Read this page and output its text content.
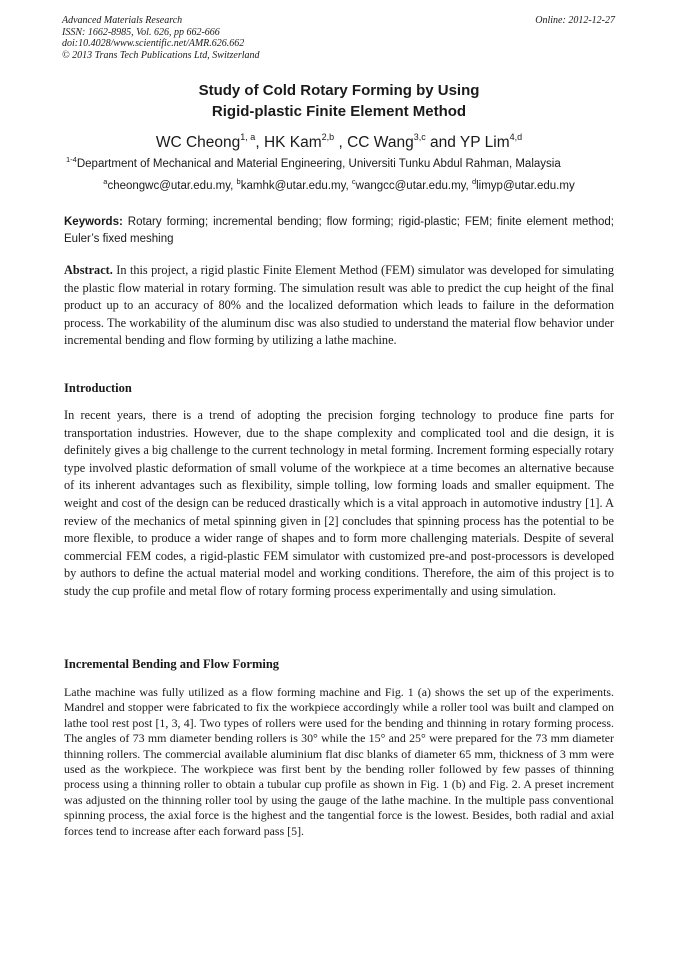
Advanced Materials Research
ISSN: 1662-8985, Vol. 626, pp 662-666
doi:10.4028/www.scientific.net/AMR.626.662
© 2013 Trans Tech Publications Ltd, Switzerland
Online: 2012-12-27
Study of Cold Rotary Forming by Using
Rigid-plastic Finite Element Method
WC Cheong$^{1, a}$, HK Kam$^{2,b}$ , CC Wang$^{3,c}$ and YP Lim$^{4,d}$
$^{1-4}$Department of Mechanical and Material Engineering, Universiti Tunku Abdul Rahman, Malaysia
$^a$cheongwc@utar.edu.my, $^b$kamhk@utar.edu.my, $^c$wangcc@utar.edu.my, $^d$limyp@utar.edu.my
Keywords: Rotary forming; incremental bending; flow forming; rigid-plastic; FEM; finite element method; Euler’s fixed meshing
Abstract. In this project, a rigid plastic Finite Element Method (FEM) simulator was developed for simulating the plastic flow material in rotary forming. The simulation result was able to predict the cup height of the final product up to an accuracy of 80% and the localized deformation which leads to failure in the deformation process. The workability of the aluminum disc was also studied to understand the material flow behavior under incremental bending and flow forming by utilizing a lathe machine.
Introduction
In recent years, there is a trend of adopting the precision forging technology to produce fine parts for transportation industries. However, due to the shape complexity and complicated tool and die design, it is definitely gives a big challenge to the current technology in metal forming. Increment forming especially rotary type involved plastic deformation of small volume of the workpiece at a time becomes an alternative because of its inherent advantages such as flexibility, simple tolling, low forming loads and smaller equipment. The weight and cost of the design can be reduced drastically which is a vital approach in automotive industry [1]. A review of the mechanics of metal spinning given in [2] concludes that spinning process has the potential to be more flexible, to produce a wider range of shapes and to form more challenging materials. Despite of several commercial FEM codes, a rigid-plastic FEM simulator with customized pre-and post-processors is developed by authors to define the actual material model and working conditions. Therefore, the aim of this project is to study the cup profile and metal flow of rotary forming process experimentally and using simulation.
Incremental Bending and Flow Forming
Lathe machine was fully utilized as a flow forming machine and Fig. 1 (a) shows the set up of the experiments. Mandrel and stopper were fabricated to fix the workpiece accordingly while a roller tool was built and clamped on lathe tool rest post [1, 3, 4]. Two types of rollers were used for the bending and thinning in rotary forming process. The angles of 73 mm diameter bending rollers is 30° while the 15° and 25° were prepared for the 73 mm diameter thinning rollers. The commercial available aluminium flat disc blanks of diameter 65 mm, thickness of 3 mm were used as the workpiece. The workpiece was first bent by the bending roller followed by few passes of thinning process using a thinning roller to obtain a tubular cup profile as shown in Fig. 1 (b) and Fig. 2. A preset increment was adjusted on the thinning roller tool by using the gauge of the lathe machine. In the multiple pass conventional spinning process, the axial force is the highest and the tangential force is the lowest. Besides, both radial and axial forces tend to increase after each forward pass [5].
